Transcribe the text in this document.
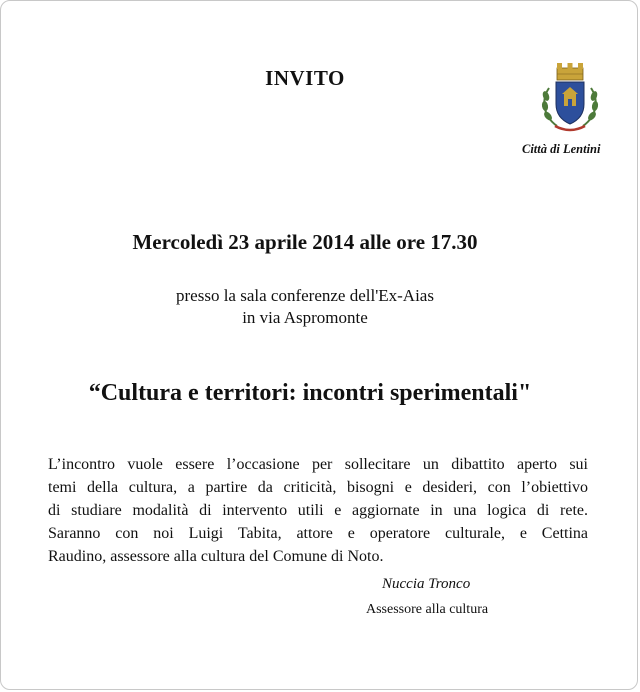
INVITO
Città di Lentini
Mercoledì 23 aprile 2014 alle ore 17.30
presso la sala conferenze dell'Ex-Aias
in via Aspromonte
“Cultura e territori: incontri sperimentali"
L’incontro vuole essere l’occasione per sollecitare un dibattito aperto sui
temi della cultura, a partire da criticità, bisogni e desideri, con l’obiettivo
di studiare modalità di intervento utili e aggiornate in una logica di rete.
Saranno con noi Luigi Tabita, attore e operatore culturale, e Cettina
Raudino, assessore alla cultura del Comune di Noto.
Nuccia Tronco
Assessore alla cultura
